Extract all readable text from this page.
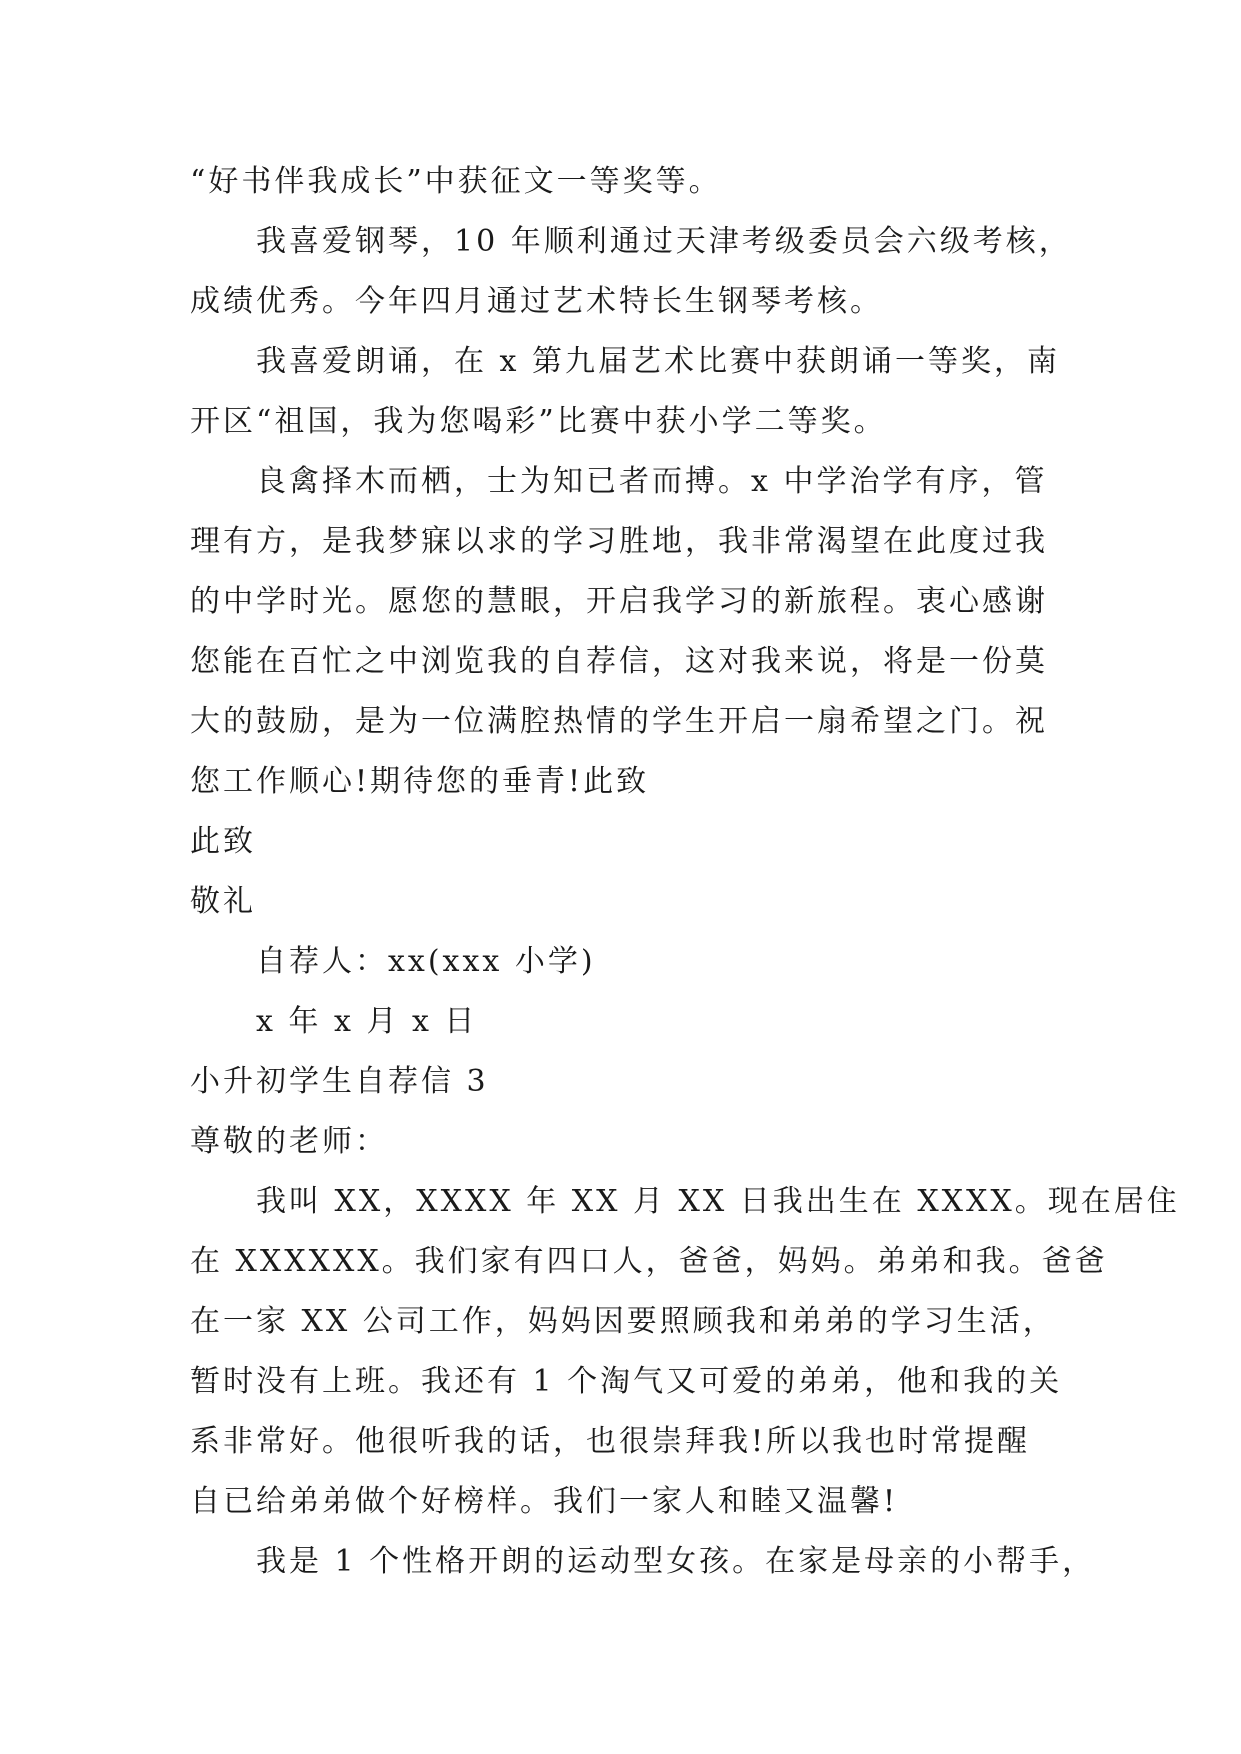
“好书伴我成长”中获征文一等奖等。
我喜爱钢琴，10 年顺利通过天津考级委员会六级考核，
成绩优秀。今年四月通过艺术特长生钢琴考核。
我喜爱朗诵，在 x 第九届艺术比赛中获朗诵一等奖，南
开区“祖国，我为您喝彩”比赛中获小学二等奖。
良禽择木而栖，士为知已者而搏。x 中学治学有序，管
理有方，是我梦寐以求的学习胜地，我非常渴望在此度过我
的中学时光。愿您的慧眼，开启我学习的新旅程。衷心感谢
您能在百忙之中浏览我的自荐信，这对我来说，将是一份莫
大的鼓励，是为一位满腔热情的学生开启一扇希望之门。祝
您工作顺心!期待您的垂青!此致
此致
敬礼
自荐人：xx(xxx 小学)
x 年 x 月 x 日
小升初学生自荐信 3
尊敬的老师：
我叫 XX，XXXX 年 XX 月 XX 日我出生在 XXXX。现在居住
在 XXXXXX。我们家有四口人，爸爸，妈妈。弟弟和我。爸爸
在一家 XX 公司工作，妈妈因要照顾我和弟弟的学习生活，
暂时没有上班。我还有 1 个淘气又可爱的弟弟，他和我的关
系非常好。他很听我的话，也很崇拜我!所以我也时常提醒
自已给弟弟做个好榜样。我们一家人和睦又温馨!
我是 1 个性格开朗的运动型女孩。在家是母亲的小帮手，
